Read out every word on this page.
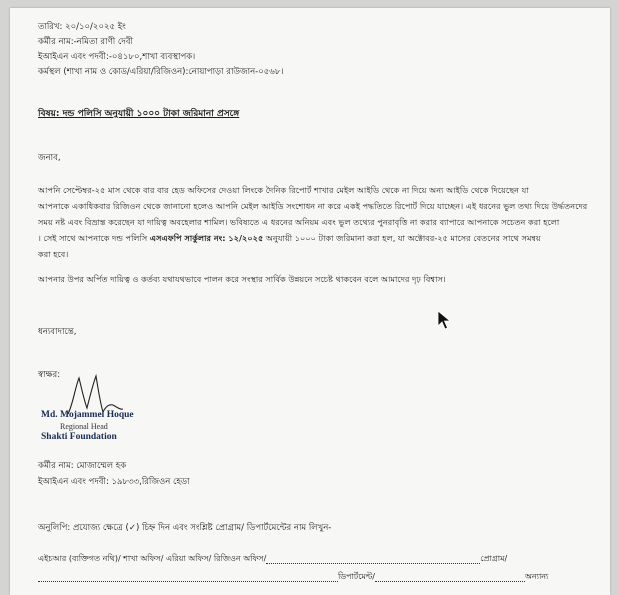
তারিখ: ২০/১০/২০২৫ ইং
কর্মীর নাম:-নমিতা রাণী দেবী
ইআইএন এবং পদবী:-০৪১৮০,শাখা ব্যবস্থাপক।
কর্মস্থল (শাখা নাম ও কোড/এরিয়া/রিজিওন):নোয়াপাড়া রাউজান-০৫৬৮।
বিষয়: দন্ড পলিসি অনুযায়ী ১০০০ টাকা জরিমানা প্রসঙ্গে
জনাব,
আপনি সেপ্টেম্বর-২৫ মাস থেকে বার বার হেড অফিসের দেওয়া লিংকে দৈনিক রিপোর্ট শাখার মেইল আইডি থেকে না দিয়ে অন্য আইডি থেকে দিয়েছেন যা
আপনাকে একাধিকবার রিজিওন থেকে জানানো হলেও আপনি মেইল আইডি সংশোধন না করে একই পদ্ধতিতে রিপোর্ট দিয়ে যাচ্ছেন। এই ধরনের ভুল তথ্য দিয়ে উর্দ্ধতনদের
সময় নষ্ট এবং বিভ্রান্ত করেছেন যা দায়িত্ব অবহেলার শামিল। ভবিষ্যতে এ ধরনের অনিয়ম এবং ভুল তথ্যের পুনরাবৃত্তি না করার ব্যাপারে আপনাকে সচেতন করা হলো
। সেই সাথে আপনাকে দন্ড পলিসি এসএফপি সার্কুলার নং: ১২/২০২৫ অনুযায়ী ১০০০ টাকা জরিমানা করা হল, যা অক্টোবর-২৫ মাসের বেতনের সাথে সমন্বয়
করা হবে।
আপনার উপর অর্পিত দায়িত্ব ও কর্তব্য যথাযথভাবে পালন করে সংস্থার সার্বিক উন্নয়নে সচেষ্ট থাকবেন বলে আমাদের দৃঢ় বিশ্বাস।
ধন্যবাদান্তে,
স্বাক্ষর:
Md. Mojammel Hoque
Regional Head
Shakti Foundation
কর্মীর নাম: মোজাম্মেল হক
ইআইএন এবং পদবী: ১৯৮৩৩,রিজিওন হেডা
অনুলিপি: প্রযোজ্য ক্ষেত্রে (✓) চিহ্ন দিন এবং সংশ্লিষ্ট প্রোগ্রাম/ ডিপার্টমেন্টের নাম লিখুন-
এইচআর (ব্যক্তিগত নথি)/ শাখা অফিস/ এরিয়া অফিস/ রিজিওন অফিস/	প্রোগ্রাম/
ডিপার্টমেন্ট/	অন্যান্য
